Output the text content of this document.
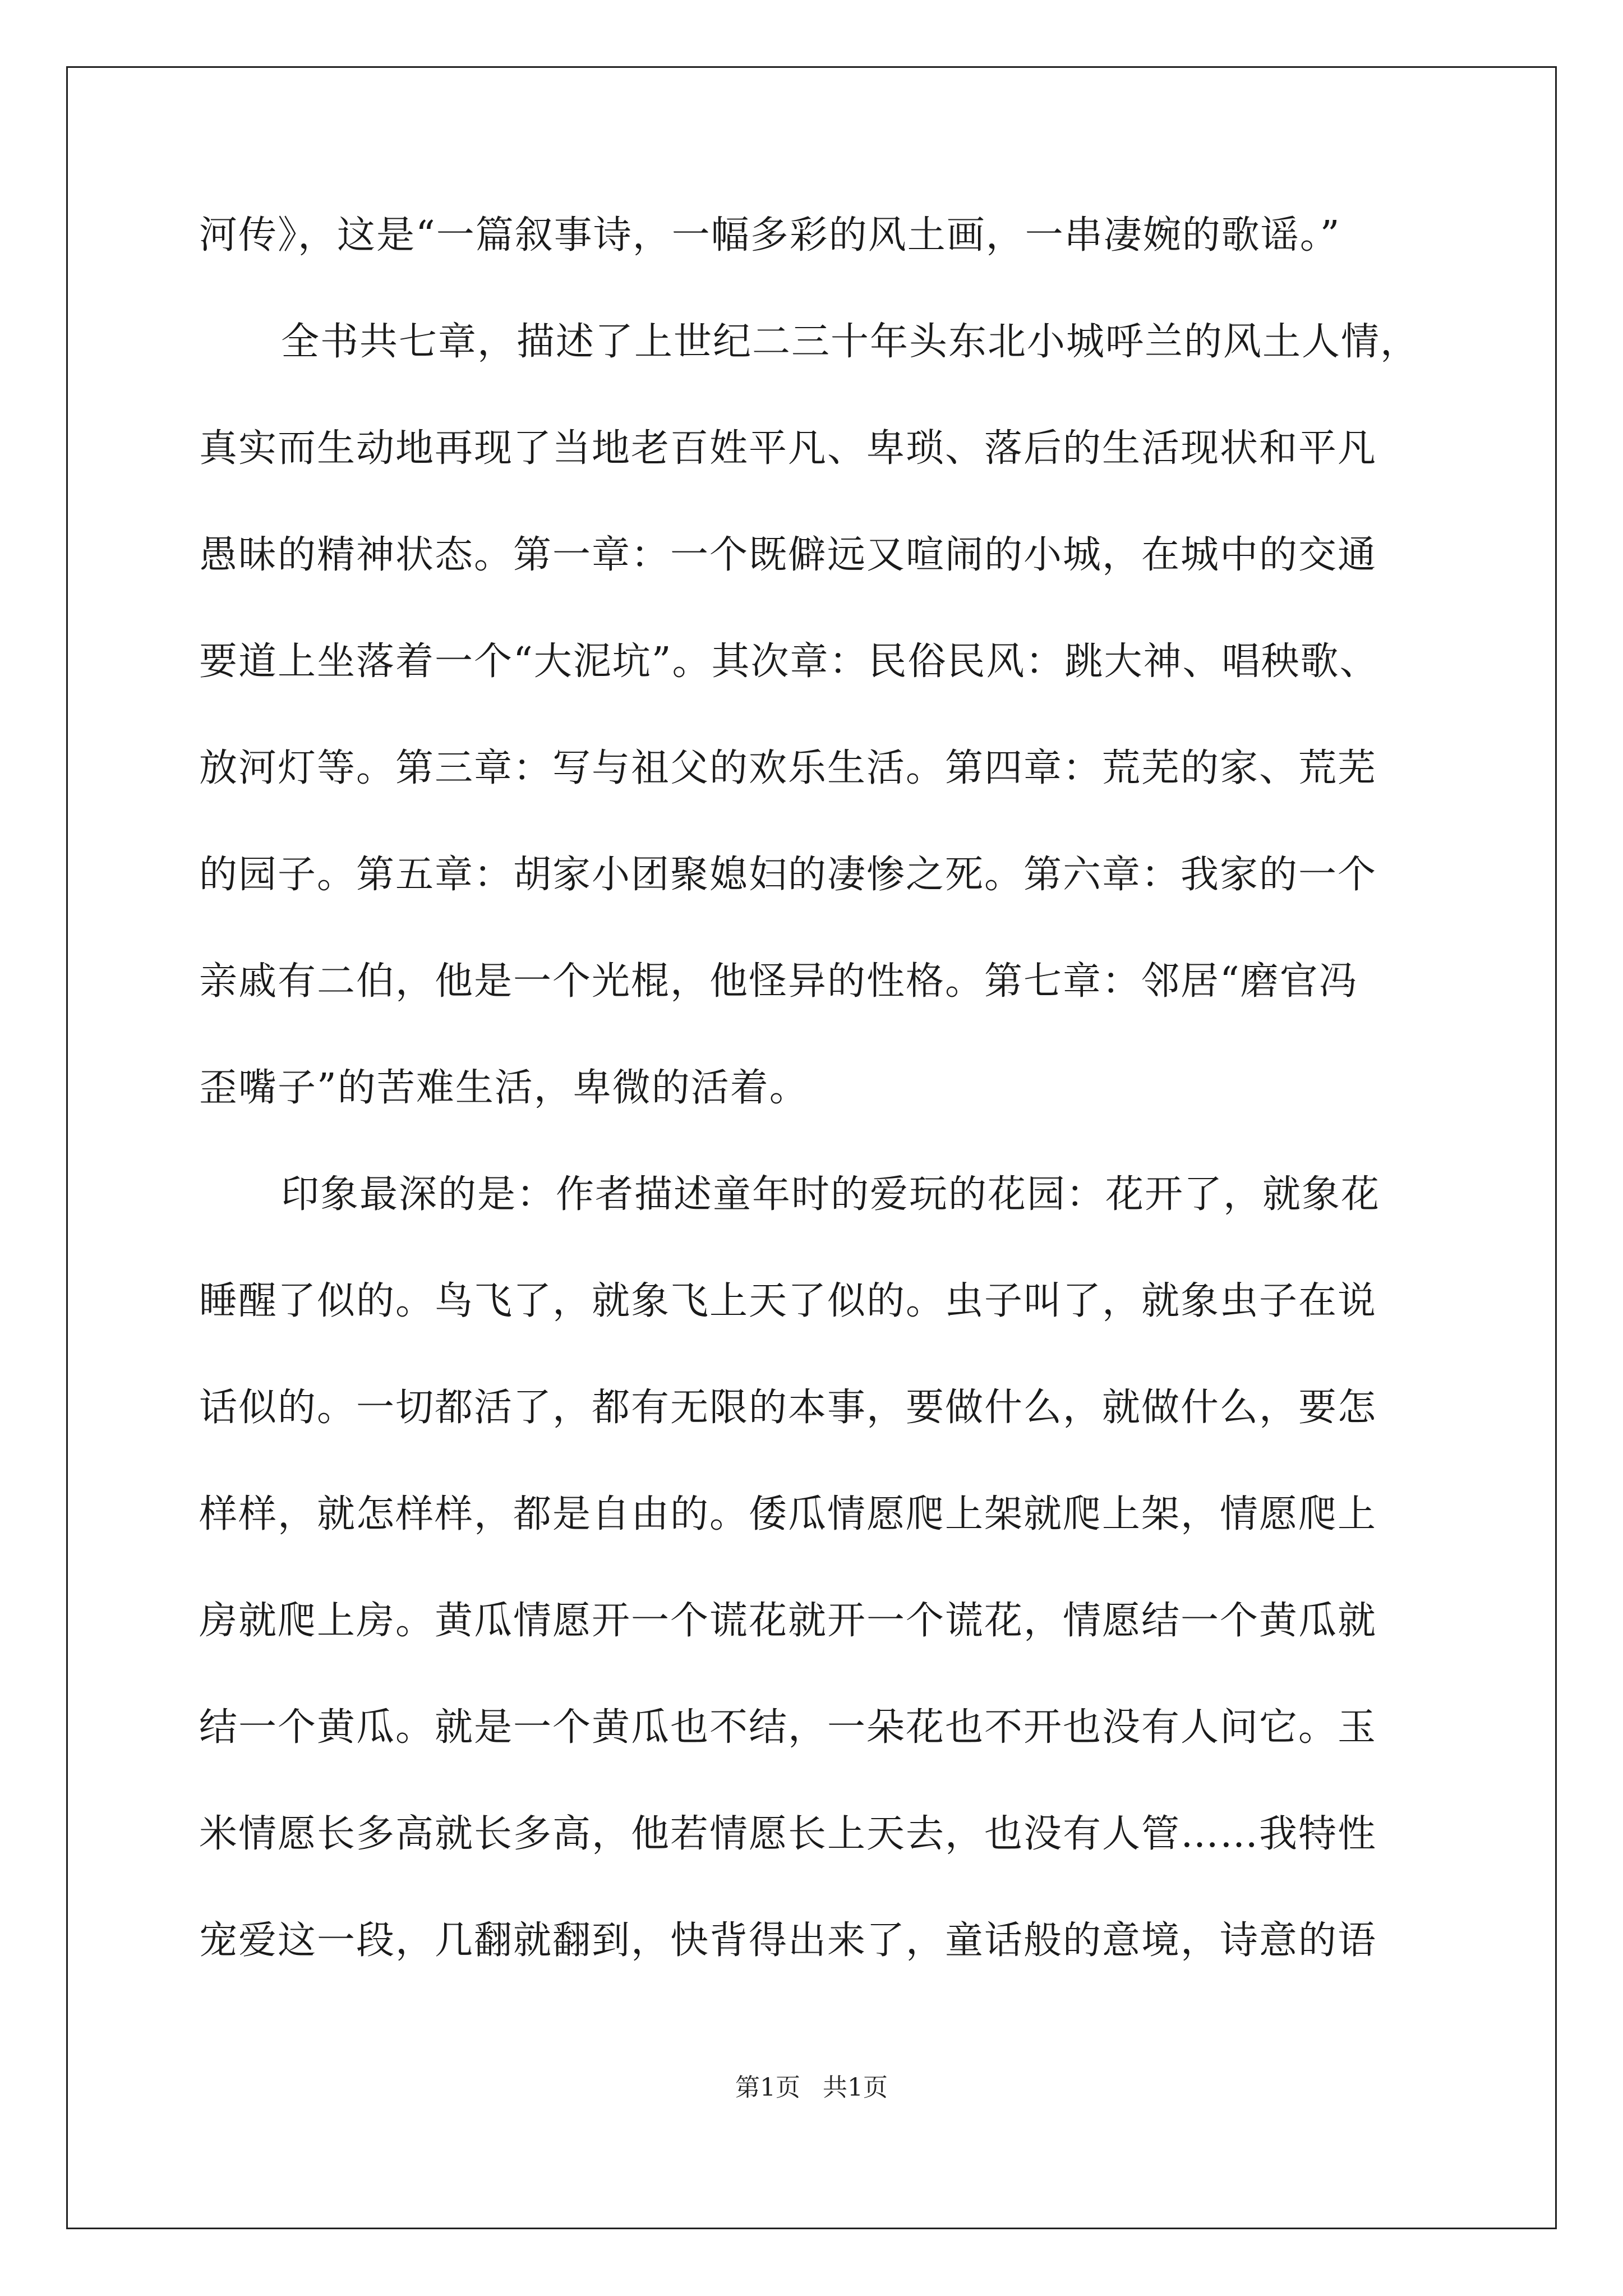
河传》，这是“一篇叙事诗，一幅多彩的风土画，一串凄婉的歌谣。”
全书共七章，描述了上世纪二三十年头东北小城呼兰的风土人情，
真实而生动地再现了当地老百姓平凡、卑琐、落后的生活现状和平凡
愚昧的精神状态。第一章：一个既僻远又喧闹的小城，在城中的交通
要道上坐落着一个“大泥坑”。其次章：民俗民风：跳大神、唱秧歌、
放河灯等。第三章：写与祖父的欢乐生活。第四章：荒芜的家、荒芜
的园子。第五章：胡家小团聚媳妇的凄惨之死。第六章：我家的一个
亲戚有二伯，他是一个光棍，他怪异的性格。第七章：邻居“磨官冯
歪嘴子”的苦难生活，卑微的活着。
印象最深的是：作者描述童年时的爱玩的花园：花开了，就象花
睡醒了似的。鸟飞了，就象飞上天了似的。虫子叫了，就象虫子在说
话似的。一切都活了，都有无限的本事，要做什么，就做什么，要怎
样样，就怎样样，都是自由的。倭瓜情愿爬上架就爬上架，情愿爬上
房就爬上房。黄瓜情愿开一个谎花就开一个谎花，情愿结一个黄瓜就
结一个黄瓜。就是一个黄瓜也不结，一朵花也不开也没有人问它。玉
米情愿长多高就长多高，他若情愿长上天去，也没有人管……我特性
宠爱这一段，几翻就翻到，快背得出来了，童话般的意境，诗意的语
第1页 共1页
